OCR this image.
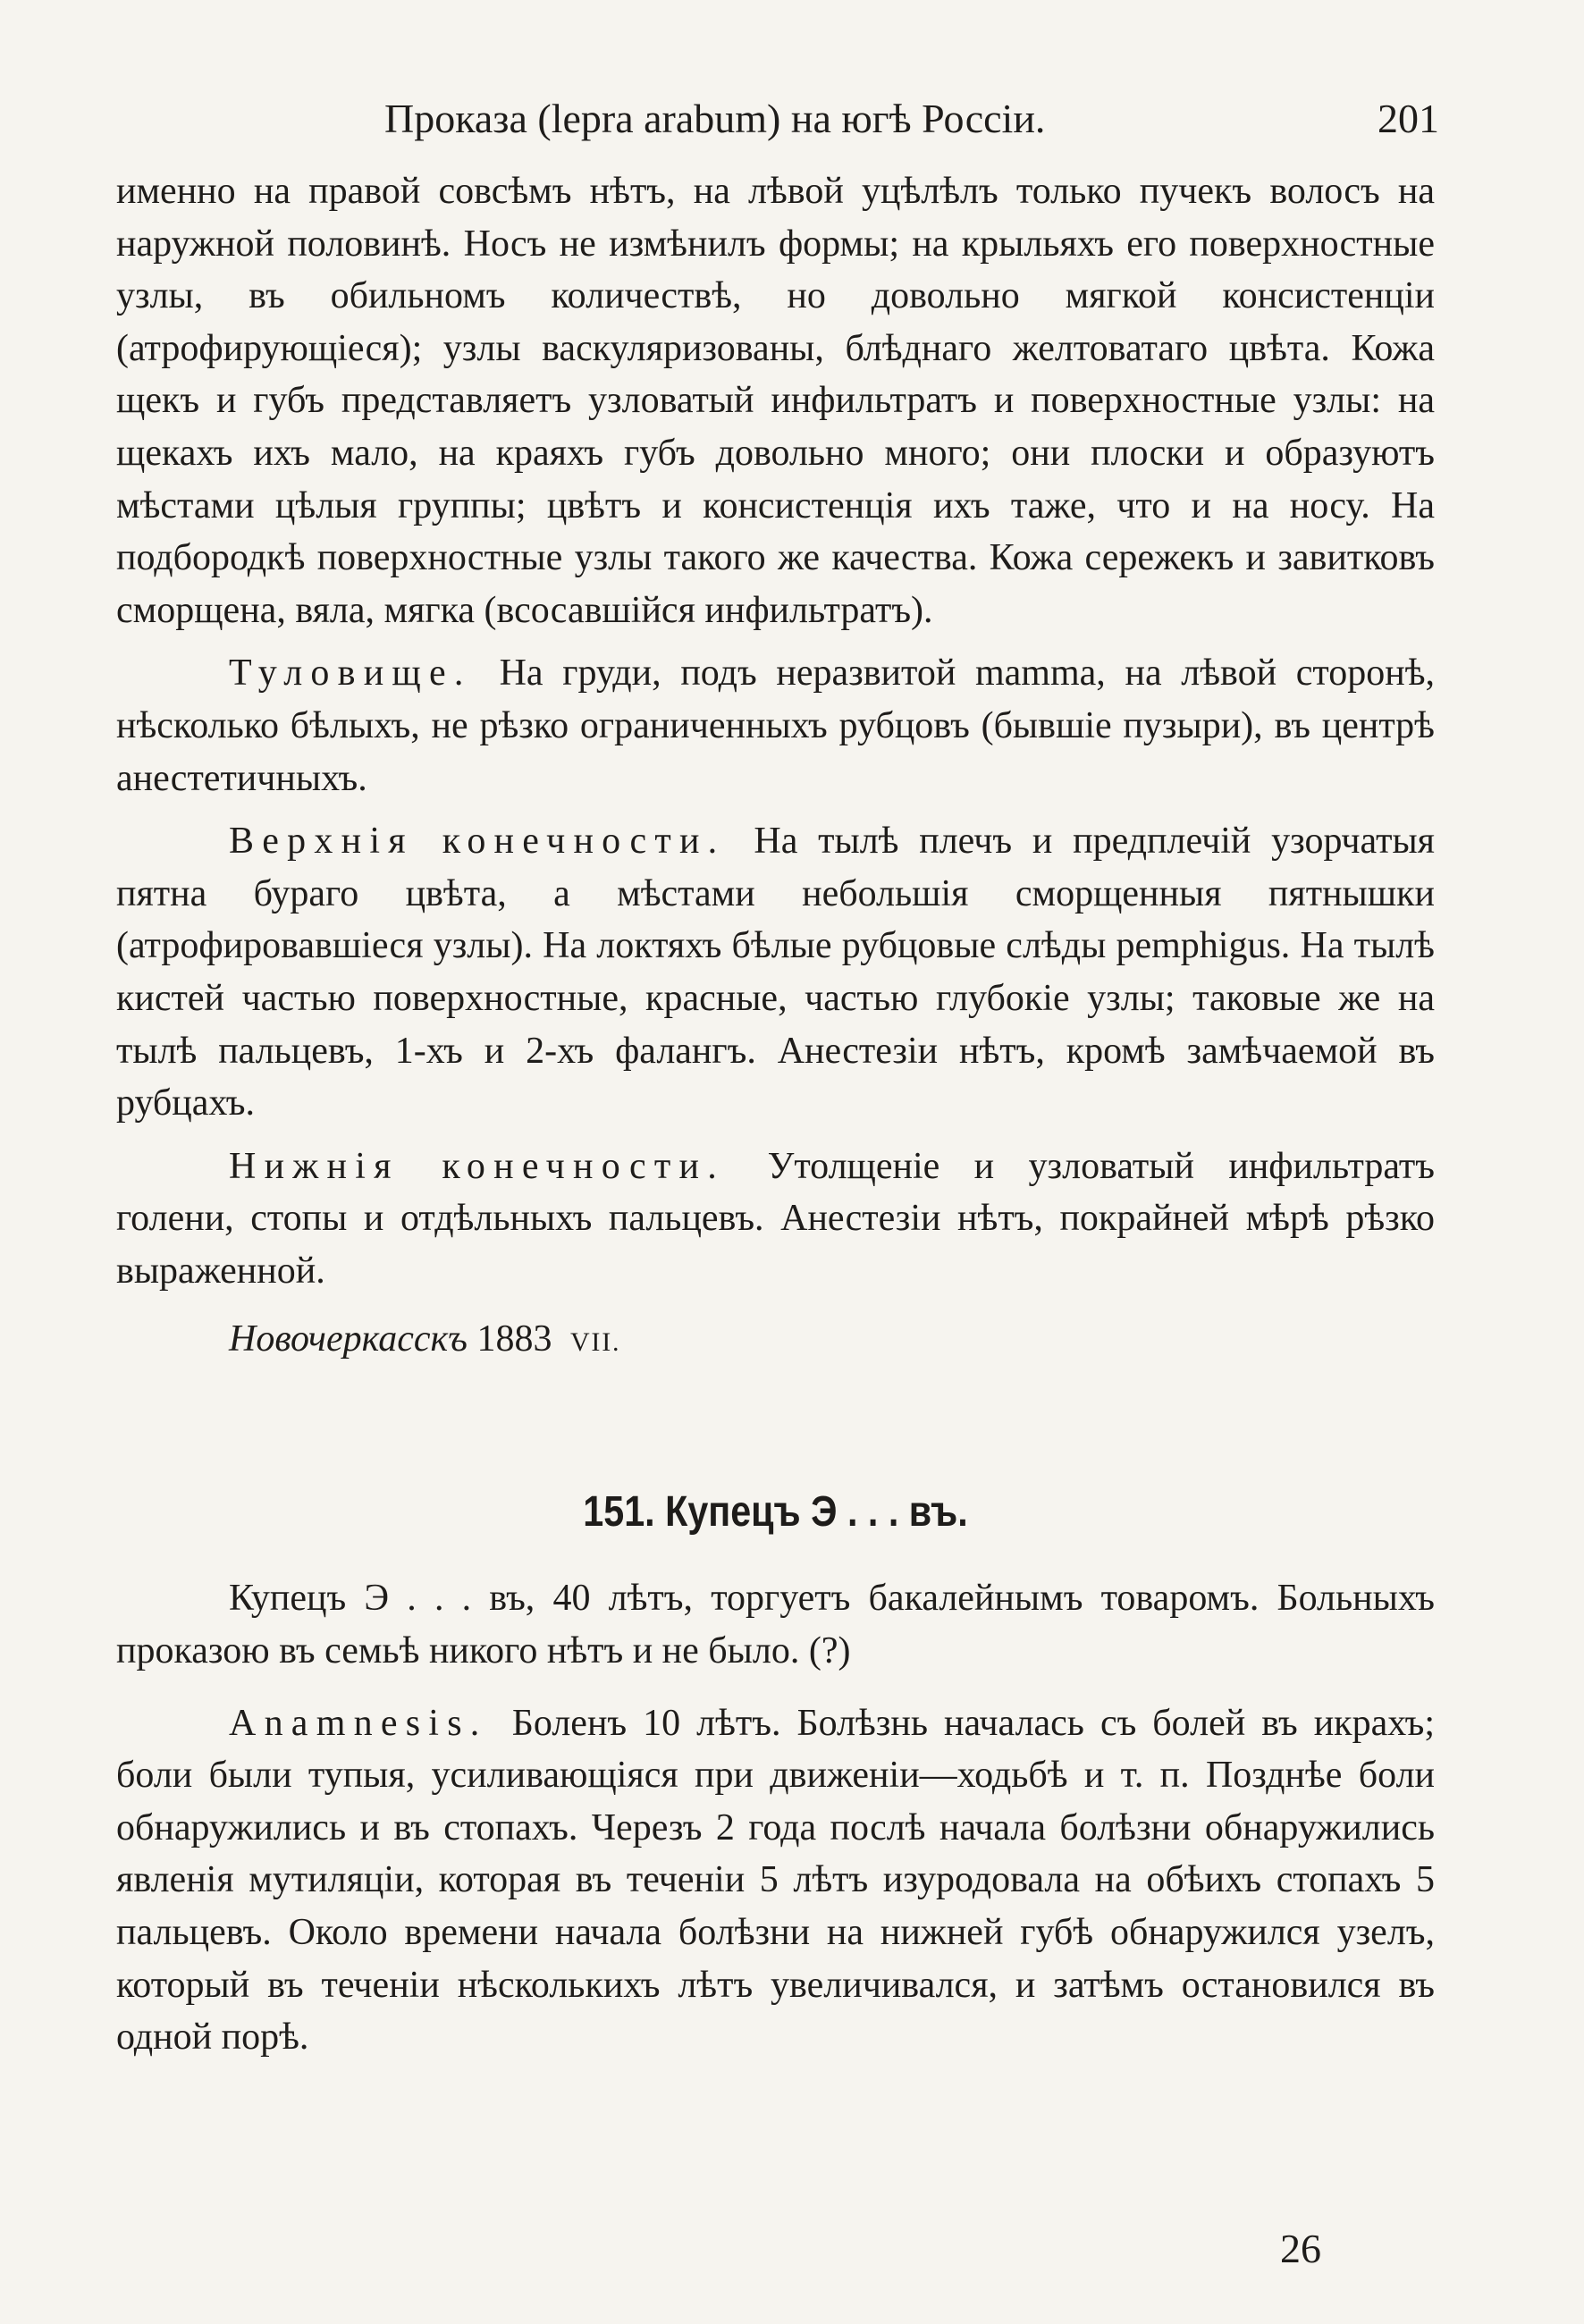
Проказа (lepra arabum) на югѣ Россіи.	201

именно на правой совсѣмъ нѣтъ, на лѣвой уцѣлѣлъ только пучекъ волосъ на наружной половинѣ. Носъ не измѣнилъ формы; на крыльяхъ его поверхностные узлы, въ обильномъ количествѣ, но довольно мягкой консистенціи (атрофирующіеся); узлы васкуляризованы, блѣднаго желтоватаго цвѣта. Кожа щекъ и губъ представляетъ узловатый инфильтратъ и поверхностные узлы: на щекахъ ихъ мало, на краяхъ губъ довольно много; они плоски и образуютъ мѣстами цѣлыя группы; цвѣтъ и консистенція ихъ таже, что и на носу. На подбородкѣ поверхностные узлы такого же качества. Кожа сережекъ и завитковъ сморщена, вяла, мягка (всосавшійся инфильтратъ).

Туловище. На груди, подъ неразвитой mamma, на лѣвой сторонѣ, нѣсколько бѣлыхъ, не рѣзко ограниченныхъ рубцовъ (бывшіе пузыри), въ центрѣ анестетичныхъ.

Верхнія конечности. На тылѣ плечъ и предплечій узорчатыя пятна бураго цвѣта, а мѣстами небольшія сморщенныя пятнышки (атрофировавшіеся узлы). На локтяхъ бѣлые рубцовые слѣды pemphigus. На тылѣ кистей частью поверхностные, красные, частью глубокіе узлы; таковые же на тылѣ пальцевъ, 1-хъ и 2-хъ фалангъ. Анестезіи нѣтъ, кромѣ замѣчаемой въ рубцахъ.

Нижнія конечности. Утолщеніе и узловатый инфильтратъ голени, стопы и отдѣльныхъ пальцевъ. Анестезіи нѣтъ, покрайней мѣрѣ рѣзко выраженной.

Новочеркасскъ 1883 VII.
151. Купецъ Э . . . въ.

Купецъ Э . . . въ, 40 лѣтъ, торгуетъ бакалейнымъ товаромъ. Больныхъ проказою въ семьѣ никого нѣтъ и не было. (?)

Anamnesis. Боленъ 10 лѣтъ. Болѣзнь началась съ болей въ икрахъ; боли были тупыя, усиливающіяся при движеніи—ходьбѣ и т. п. Позднѣе боли обнаружились и въ стопахъ. Черезъ 2 года послѣ начала болѣзни обнаружились явленія мутиляціи, которая въ теченіи 5 лѣтъ изуродовала на обѣихъ стопахъ 5 пальцевъ. Около времени начала болѣзни на нижней губѣ обнаружился узелъ, который въ теченіи нѣсколькихъ лѣтъ увеличивался, и затѣмъ остановился въ одной порѣ.

26
